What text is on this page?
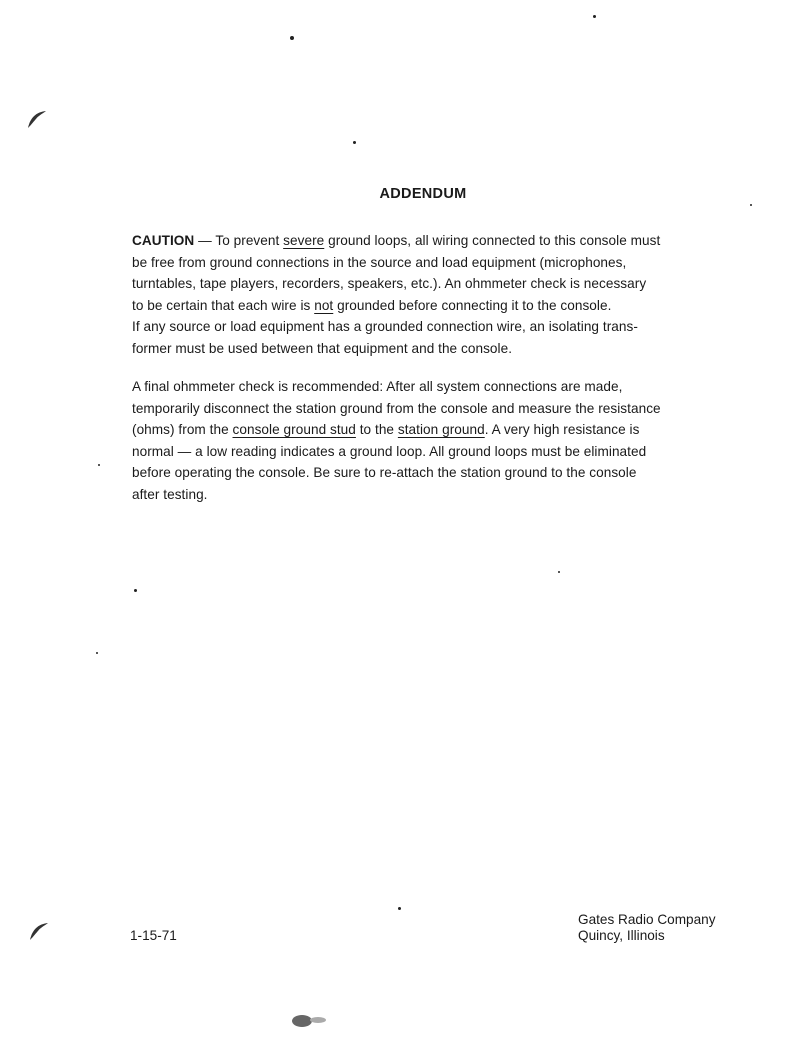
ADDENDUM
CAUTION — To prevent severe ground loops, all wiring connected to this console must
be free from ground connections in the source and load equipment (microphones,
turntables, tape players, recorders, speakers, etc.). An ohmmeter check is necessary
to be certain that each wire is not grounded before connecting it to the console.
If any source or load equipment has a grounded connection wire, an isolating trans-
former must be used between that equipment and the console.
A final ohmmeter check is recommended: After all system connections are made,
temporarily disconnect the station ground from the console and measure the resistance
(ohms) from the console ground stud to the station ground. A very high resistance is
normal — a low reading indicates a ground loop. All ground loops must be eliminated
before operating the console. Be sure to re-attach the station ground to the console
after testing.
1-15-71
Gates Radio Company
Quincy, Illinois
